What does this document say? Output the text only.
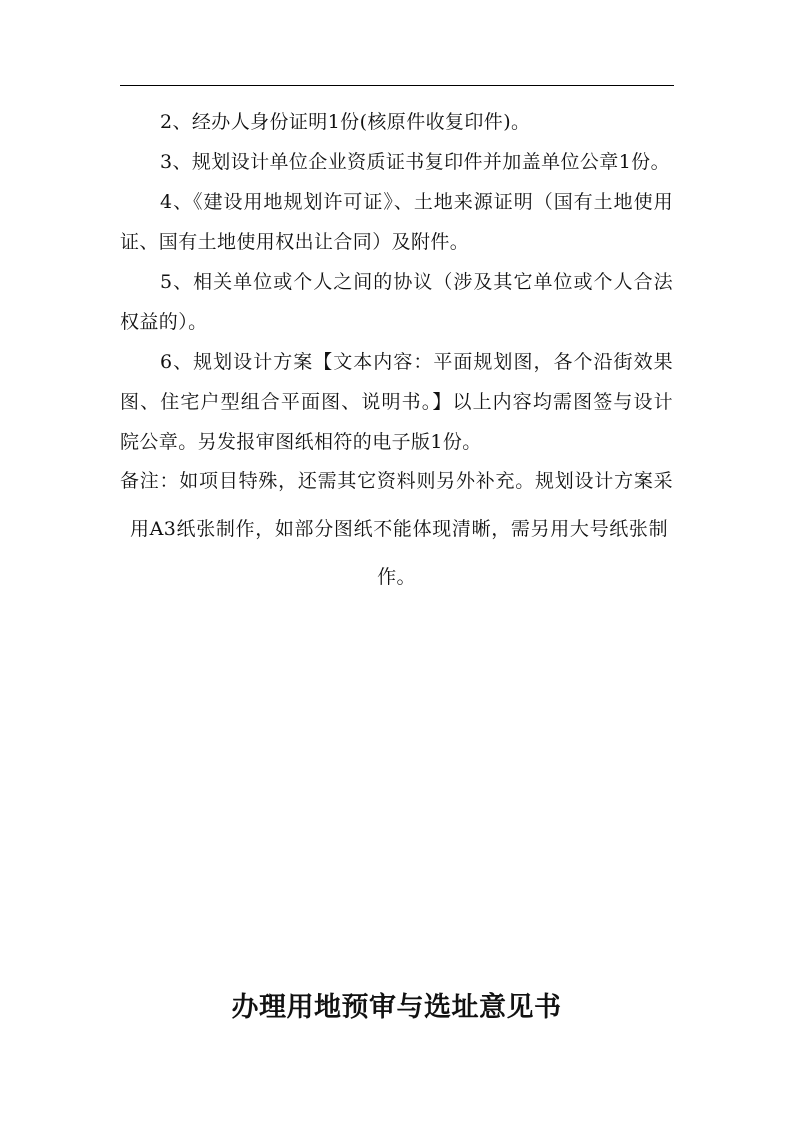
2、经办人身份证明1份(核原件收复印件)。
3、规划设计单位企业资质证书复印件并加盖单位公章1份。
4、《建设用地规划许可证》、土地来源证明（国有土地使用
证、国有土地使用权出让合同）及附件。
5、相关单位或个人之间的协议（涉及其它单位或个人合法
权益的）。
6、规划设计方案【文本内容：平面规划图，各个沿街效果
图、住宅户型组合平面图、说明书。】以上内容均需图签与设计
院公章。另发报审图纸相符的电子版1份。
备注：如项目特殊，还需其它资料则另外补充。规划设计方案采
用A3纸张制作，如部分图纸不能体现清晰，需另用大号纸张制
作。
办理用地预审与选址意见书
